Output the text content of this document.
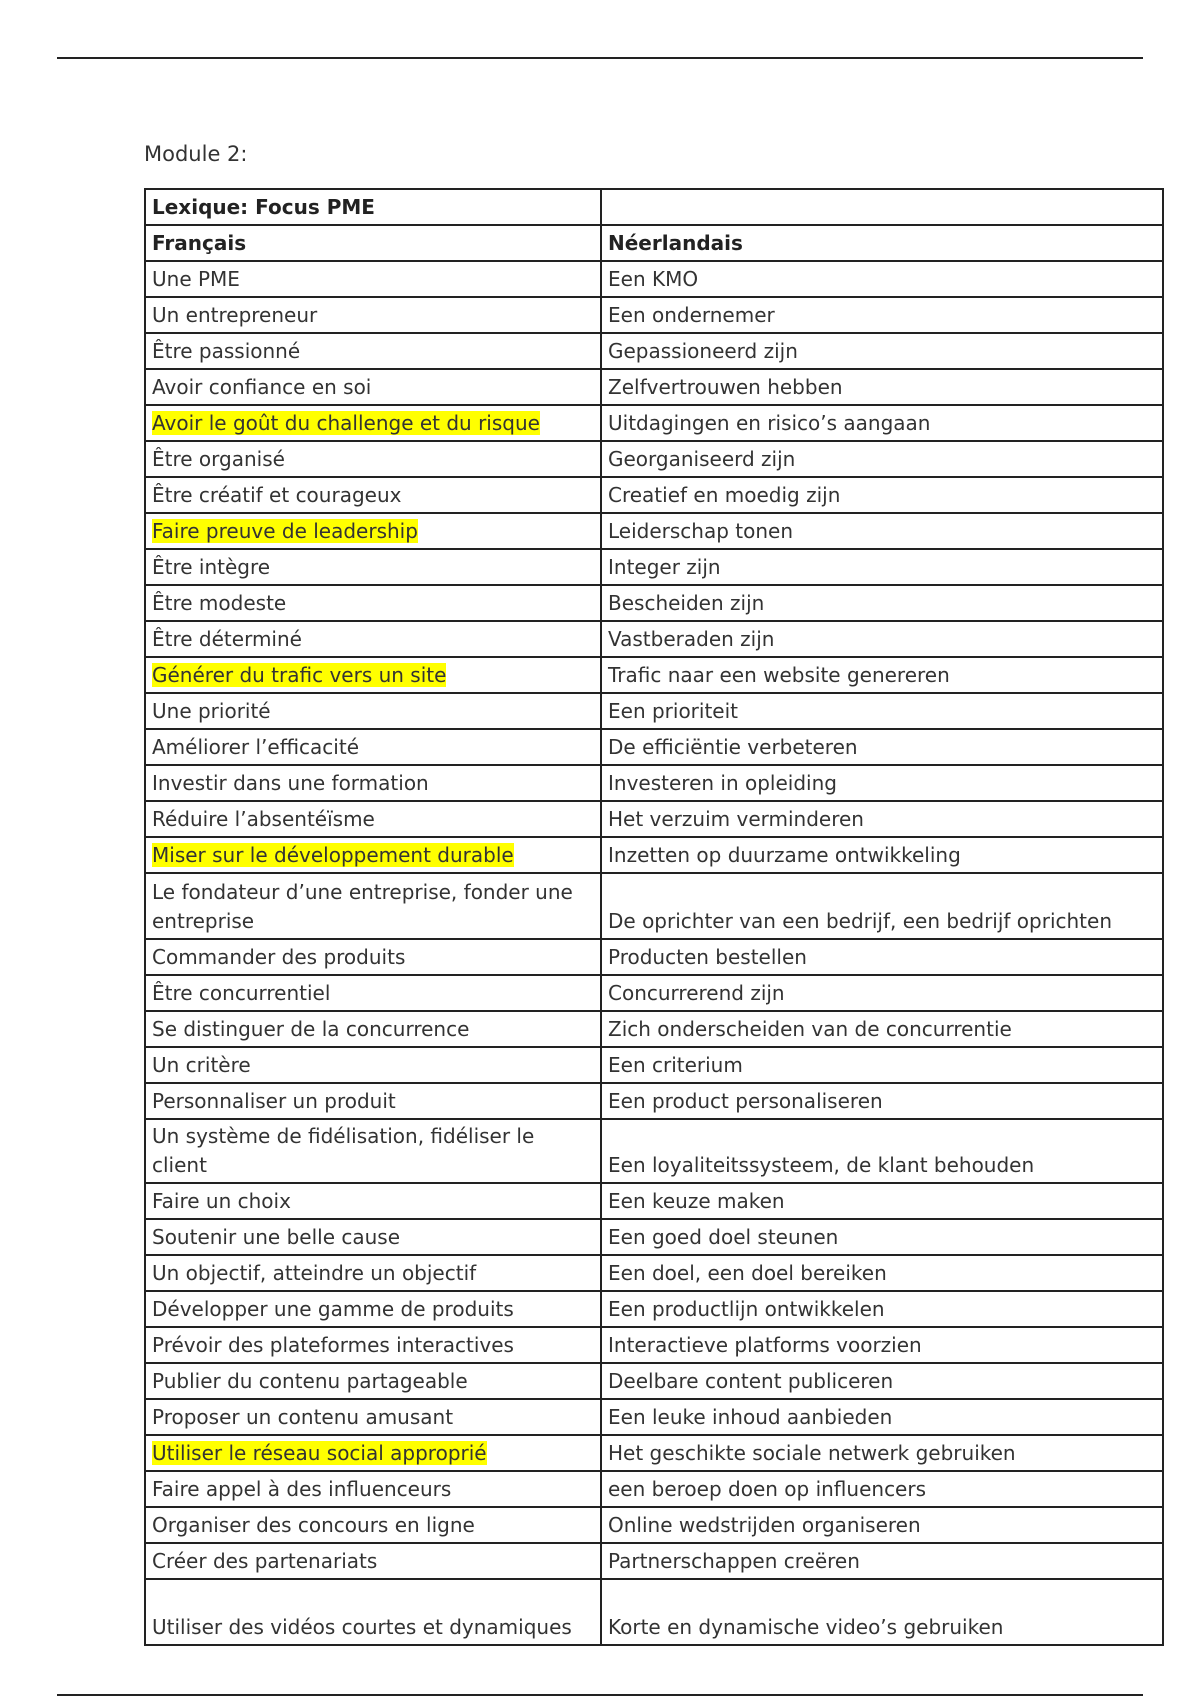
Module 2:
Lexique: Focus PME	
Français	Néerlandais
Une PME	Een KMO
Un entrepreneur	Een ondernemer
Être passionné	Gepassioneerd zijn
Avoir confiance en soi	Zelfvertrouwen hebben
Avoir le goût du challenge et du risque	Uitdagingen en risico’s aangaan
Être organisé	Georganiseerd zijn
Être créatif et courageux	Creatief en moedig zijn
Faire preuve de leadership	Leiderschap tonen
Être intègre	Integer zijn
Être modeste	Bescheiden zijn
Être déterminé	Vastberaden zijn
Générer du trafic vers un site	Trafic naar een website genereren
Une priorité	Een prioriteit
Améliorer l’efficacité	De efficiëntie verbeteren
Investir dans une formation	Investeren in opleiding
Réduire l’absentéïsme	Het verzuim verminderen
Miser sur le développement durable	Inzetten op duurzame ontwikkeling
Le fondateur d’une entreprise, fonder une entreprise	De oprichter van een bedrijf, een bedrijf oprichten
Commander des produits	Producten bestellen
Être concurrentiel	Concurrerend zijn
Se distinguer de la concurrence	Zich onderscheiden van de concurrentie
Un critère	Een criterium
Personnaliser un produit	Een product personaliseren
Un système de fidélisation, fidéliser le client	Een loyaliteitssysteem, de klant behouden
Faire un choix	Een keuze maken
Soutenir une belle cause	Een goed doel steunen
Un objectif, atteindre un objectif	Een doel, een doel bereiken
Développer une gamme de produits	Een productlijn ontwikkelen
Prévoir des plateformes interactives	Interactieve platforms voorzien
Publier du contenu partageable	Deelbare content publiceren
Proposer un contenu amusant	Een leuke inhoud aanbieden
Utiliser le réseau social approprié	Het geschikte sociale netwerk gebruiken
Faire appel à des influenceurs	een beroep doen op influencers
Organiser des concours en ligne	Online wedstrijden organiseren
Créer des partenariats	Partnerschappen creëren
Utiliser des vidéos courtes et dynamiques	Korte en dynamische video’s gebruiken
